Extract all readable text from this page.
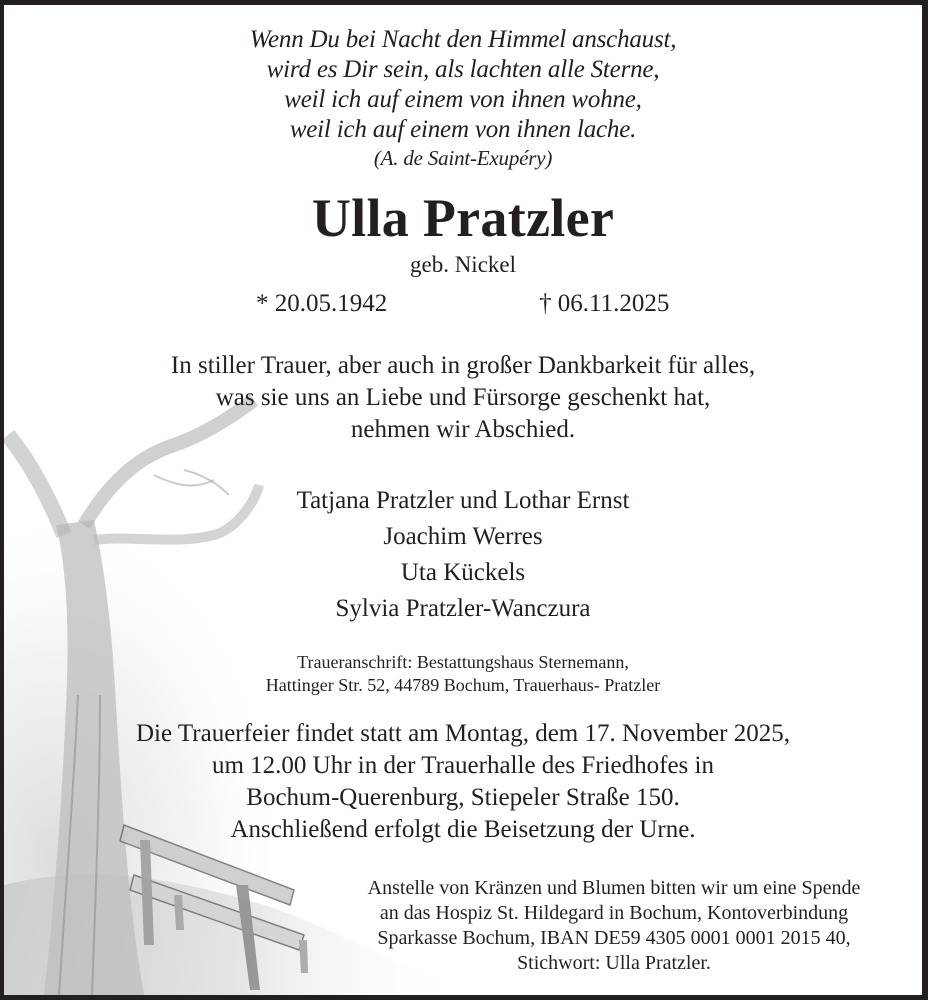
Wenn Du bei Nacht den Himmel anschaust,
wird es Dir sein, als lachten alle Sterne,
weil ich auf einem von ihnen wohne,
weil ich auf einem von ihnen lache.
(A. de Saint-Exupéry)
Ulla Pratzler
geb. Nickel
* 20.05.1942	† 06.11.2025
In stiller Trauer, aber auch in großer Dankbarkeit für alles,
was sie uns an Liebe und Fürsorge geschenkt hat,
nehmen wir Abschied.
Tatjana Pratzler und Lothar Ernst
Joachim Werres
Uta Kückels
Sylvia Pratzler-Wanczura
Traueranschrift: Bestattungshaus Sternemann,
Hattinger Str. 52, 44789 Bochum, Trauerhaus- Pratzler
Die Trauerfeier findet statt am Montag, dem 17. November 2025,
um 12.00 Uhr in der Trauerhalle des Friedhofes in
Bochum-Querenburg, Stiepeler Straße 150.
Anschließend erfolgt die Beisetzung der Urne.
Anstelle von Kränzen und Blumen bitten wir um eine Spende
an das Hospiz St. Hildegard in Bochum, Kontoverbindung
Sparkasse Bochum, IBAN DE59 4305 0001 0001 2015 40,
Stichwort: Ulla Pratzler.
